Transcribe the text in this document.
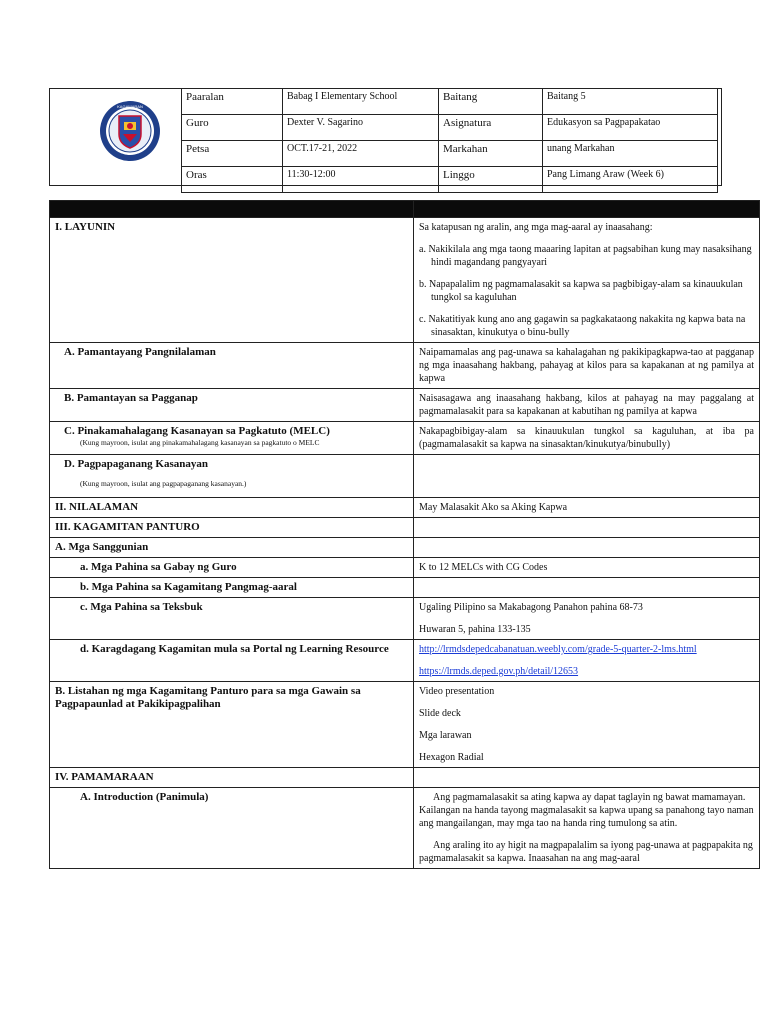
KAGAWARAN
Paaralan	Babag I Elementary School	Baitang	Baitang 5
Guro	Dexter V. Sagarino	Asignatura	Edukasyon sa Pagpapakatao
Petsa	OCT.17-21, 2022	Markahan	unang Markahan
Oras	11:30-12:00	Linggo	Pang Limang Araw (Week 6)

I. LAYUNIN	Sa katapusan ng aralin, ang mga mag-aaral ay inaasahang:

a. Nakikilala ang mga taong maaaring lapitan at pagsabihan kung may nasaksihang hindi magandang pangyayari

b. Napapalalim ng pagmamalasakit sa kapwa sa pagbibigay-alam sa kinauukulan tungkol sa kaguluhan

c. Nakatitiyak kung ano ang gagawin sa pagkakataong nakakita ng kapwa bata na sinasaktan, kinukutya o binu-bully

A. Pamantayang Pangnilalaman	Naipamamalas ang pag-unawa sa kahalagahan ng pakikipagkapwa-tao at pagganap ng mga inaasahang hakbang, pahayag at kilos para sa kapakanan at ng pamilya at kapwa
B. Pamantayan sa Pagganap	Naisasagawa ang inaasahang hakbang, kilos at pahayag na may paggalang at pagmamalasakit para sa kapakanan at kabutihan ng pamilya at kapwa
C. Pinakamahalagang Kasanayan sa Pagkatuto (MELC)
(Kung mayroon, isulat ang pinakamahalagang kasanayan sa pagkatuto o MELC	Nakapagbibigay-alam sa kinauukulan tungkol sa kaguluhan, at iba pa (pagmamalasakit sa kapwa na sinasaktan/kinukutya/binubully)
D. Pagpapaganang Kasanayan
(Kung mayroon, isulat ang pagpapaganang kasanayan.)	

II. NILALAMAN	May Malasakit Ako sa Aking Kapwa
III. KAGAMITAN PANTURO	
A. Mga Sanggunian	
a. Mga Pahina sa Gabay ng Guro	K to 12 MELCs with CG Codes
b. Mga Pahina sa Kagamitang Pangmag-aaral	
c. Mga Pahina sa Teksbuk	Ugaling Pilipino sa Makabagong Panahon pahina 68-73

Huwaran 5, pahina 133-135

d. Karagdagang Kagamitan mula sa Portal ng Learning Resource	http://lrmdsdepedcabanatuan.weebly.com/grade-5-quarter-2-lms.html

https://lrmds.deped.gov.ph/detail/12653

B. Listahan ng mga Kagamitang Panturo para sa mga Gawain sa Pagpapaunlad at Pakikipagpalihan	Video presentation

Slide deck

Mga larawan

Hexagon Radial

IV. PAMAMARAAN	
A. Introduction (Panimula)	Ang pagmamalasakit sa ating kapwa ay dapat taglayin ng bawat mamamayan. Kailangan na handa tayong magmalasakit sa kapwa upang sa panahong tayo naman ang mangailangan, may mga tao na handa ring tumulong sa atin.

Ang araling ito ay higit na magpapalalim sa iyong pag-unawa at pagpapakita ng pagmamalasakit sa kapwa. Inaasahan na ang mag-aaral
